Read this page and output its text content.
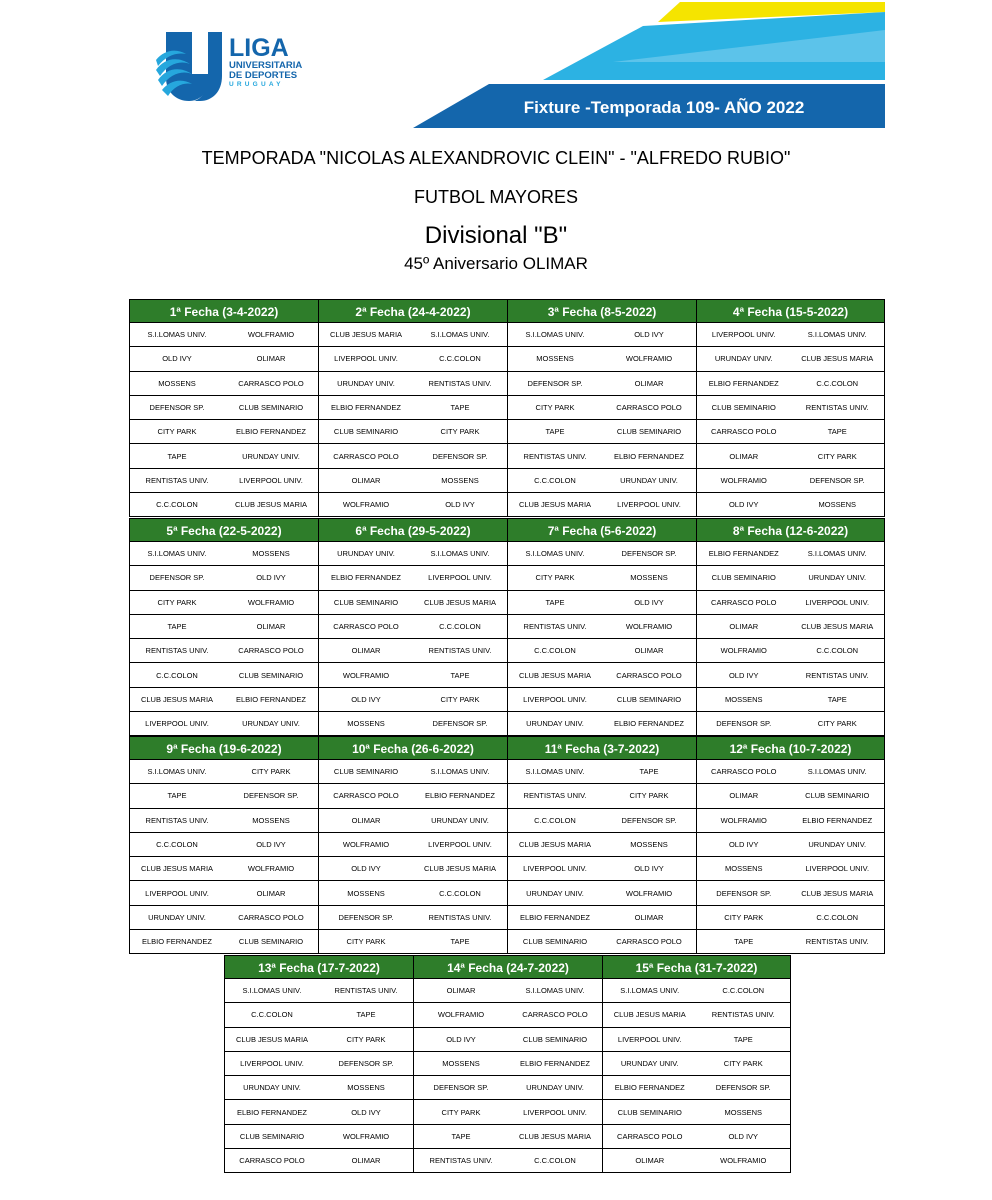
LIGA
UNIVERSITARIA
DE DEPORTES
URUGUAY
Fixture -Temporada 109- AÑO 2022
TEMPORADA "NICOLAS ALEXANDROVIC CLEIN" - "ALFREDO RUBIO"
FUTBOL MAYORES
Divisional "B"
45º Aniversario OLIMAR
1ª Fecha (3-4-2022)
S.I.LOMAS UNIV.	WOLFRAMIO
OLD IVY	OLIMAR
MOSSENS	CARRASCO POLO
DEFENSOR SP.	CLUB SEMINARIO
CITY PARK	ELBIO FERNANDEZ
TAPE	URUNDAY UNIV.
RENTISTAS UNIV.	LIVERPOOL UNIV.
C.C.COLON	CLUB JESUS MARIA
2ª Fecha (24-4-2022)
CLUB JESUS MARIA	S.I.LOMAS UNIV.
LIVERPOOL UNIV.	C.C.COLON
URUNDAY UNIV.	RENTISTAS UNIV.
ELBIO FERNANDEZ	TAPE
CLUB SEMINARIO	CITY PARK
CARRASCO POLO	DEFENSOR SP.
OLIMAR	MOSSENS
WOLFRAMIO	OLD IVY
3ª Fecha (8-5-2022)
S.I.LOMAS UNIV.	OLD IVY
MOSSENS	WOLFRAMIO
DEFENSOR SP.	OLIMAR
CITY PARK	CARRASCO POLO
TAPE	CLUB SEMINARIO
RENTISTAS UNIV.	ELBIO FERNANDEZ
C.C.COLON	URUNDAY UNIV.
CLUB JESUS MARIA	LIVERPOOL UNIV.
4ª Fecha (15-5-2022)
LIVERPOOL UNIV.	S.I.LOMAS UNIV.
URUNDAY UNIV.	CLUB JESUS MARIA
ELBIO FERNANDEZ	C.C.COLON
CLUB SEMINARIO	RENTISTAS UNIV.
CARRASCO POLO	TAPE
OLIMAR	CITY PARK
WOLFRAMIO	DEFENSOR SP.
OLD IVY	MOSSENS
5ª Fecha (22-5-2022)
S.I.LOMAS UNIV.	MOSSENS
DEFENSOR SP.	OLD IVY
CITY PARK	WOLFRAMIO
TAPE	OLIMAR
RENTISTAS UNIV.	CARRASCO POLO
C.C.COLON	CLUB SEMINARIO
CLUB JESUS MARIA	ELBIO FERNANDEZ
LIVERPOOL UNIV.	URUNDAY UNIV.
6ª Fecha (29-5-2022)
URUNDAY UNIV.	S.I.LOMAS UNIV.
ELBIO FERNANDEZ	LIVERPOOL UNIV.
CLUB SEMINARIO	CLUB JESUS MARIA
CARRASCO POLO	C.C.COLON
OLIMAR	RENTISTAS UNIV.
WOLFRAMIO	TAPE
OLD IVY	CITY PARK
MOSSENS	DEFENSOR SP.
7ª Fecha (5-6-2022)
S.I.LOMAS UNIV.	DEFENSOR SP.
CITY PARK	MOSSENS
TAPE	OLD IVY
RENTISTAS UNIV.	WOLFRAMIO
C.C.COLON	OLIMAR
CLUB JESUS MARIA	CARRASCO POLO
LIVERPOOL UNIV.	CLUB SEMINARIO
URUNDAY UNIV.	ELBIO FERNANDEZ
8ª Fecha (12-6-2022)
ELBIO FERNANDEZ	S.I.LOMAS UNIV.
CLUB SEMINARIO	URUNDAY UNIV.
CARRASCO POLO	LIVERPOOL UNIV.
OLIMAR	CLUB JESUS MARIA
WOLFRAMIO	C.C.COLON
OLD IVY	RENTISTAS UNIV.
MOSSENS	TAPE
DEFENSOR SP.	CITY PARK
9ª Fecha (19-6-2022)
S.I.LOMAS UNIV.	CITY PARK
TAPE	DEFENSOR SP.
RENTISTAS UNIV.	MOSSENS
C.C.COLON	OLD IVY
CLUB JESUS MARIA	WOLFRAMIO
LIVERPOOL UNIV.	OLIMAR
URUNDAY UNIV.	CARRASCO POLO
ELBIO FERNANDEZ	CLUB SEMINARIO
10ª Fecha (26-6-2022)
CLUB SEMINARIO	S.I.LOMAS UNIV.
CARRASCO POLO	ELBIO FERNANDEZ
OLIMAR	URUNDAY UNIV.
WOLFRAMIO	LIVERPOOL UNIV.
OLD IVY	CLUB JESUS MARIA
MOSSENS	C.C.COLON
DEFENSOR SP.	RENTISTAS UNIV.
CITY PARK	TAPE
11ª Fecha (3-7-2022)
S.I.LOMAS UNIV.	TAPE
RENTISTAS UNIV.	CITY PARK
C.C.COLON	DEFENSOR SP.
CLUB JESUS MARIA	MOSSENS
LIVERPOOL UNIV.	OLD IVY
URUNDAY UNIV.	WOLFRAMIO
ELBIO FERNANDEZ	OLIMAR
CLUB SEMINARIO	CARRASCO POLO
12ª Fecha (10-7-2022)
CARRASCO POLO	S.I.LOMAS UNIV.
OLIMAR	CLUB SEMINARIO
WOLFRAMIO	ELBIO FERNANDEZ
OLD IVY	URUNDAY UNIV.
MOSSENS	LIVERPOOL UNIV.
DEFENSOR SP.	CLUB JESUS MARIA
CITY PARK	C.C.COLON
TAPE	RENTISTAS UNIV.
13ª Fecha (17-7-2022)
S.I.LOMAS UNIV.	RENTISTAS UNIV.
C.C.COLON	TAPE
CLUB JESUS MARIA	CITY PARK
LIVERPOOL UNIV.	DEFENSOR SP.
URUNDAY UNIV.	MOSSENS
ELBIO FERNANDEZ	OLD IVY
CLUB SEMINARIO	WOLFRAMIO
CARRASCO POLO	OLIMAR
14ª Fecha (24-7-2022)
OLIMAR	S.I.LOMAS UNIV.
WOLFRAMIO	CARRASCO POLO
OLD IVY	CLUB SEMINARIO
MOSSENS	ELBIO FERNANDEZ
DEFENSOR SP.	URUNDAY UNIV.
CITY PARK	LIVERPOOL UNIV.
TAPE	CLUB JESUS MARIA
RENTISTAS UNIV.	C.C.COLON
15ª Fecha (31-7-2022)
S.I.LOMAS UNIV.	C.C.COLON
CLUB JESUS MARIA	RENTISTAS UNIV.
LIVERPOOL UNIV.	TAPE
URUNDAY UNIV.	CITY PARK
ELBIO FERNANDEZ	DEFENSOR SP.
CLUB SEMINARIO	MOSSENS
CARRASCO POLO	OLD IVY
OLIMAR	WOLFRAMIO
